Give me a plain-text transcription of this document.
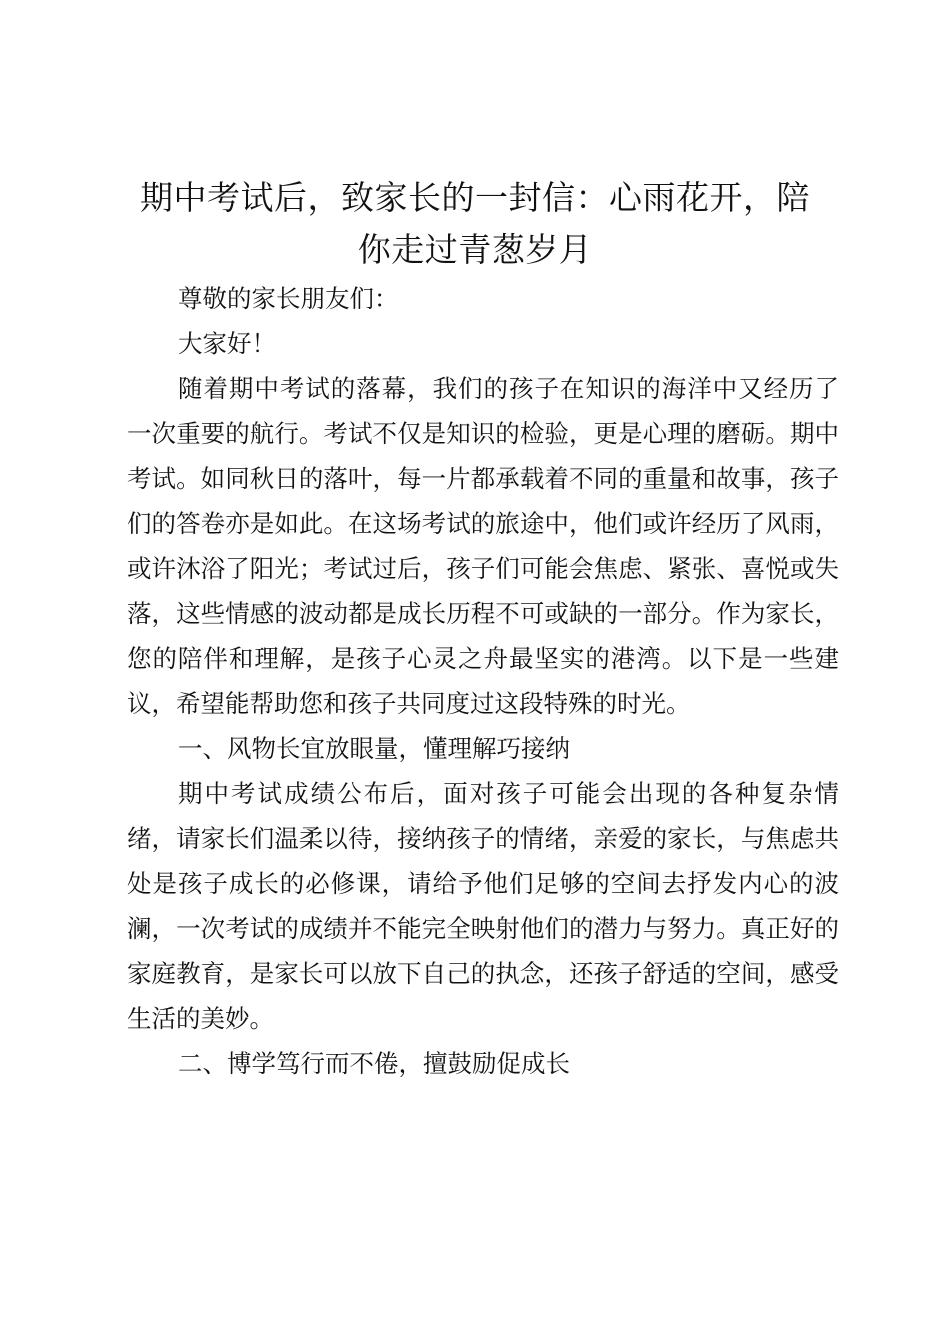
期中考试后，致家长的一封信：心雨花开，陪
你走过青葱岁月

尊敬的家长朋友们：

大家好！

随着期中考试的落幕，我们的孩子在知识的海洋中又经历了一次重要的航行。考试不仅是知识的检验，更是心理的磨砺。期中考试。如同秋日的落叶，每一片都承载着不同的重量和故事，孩子们的答卷亦是如此。在这场考试的旅途中，他们或许经历了风雨，或许沐浴了阳光；考试过后，孩子们可能会焦虑、紧张、喜悦或失落，这些情感的波动都是成长历程不可或缺的一部分。作为家长，您的陪伴和理解，是孩子心灵之舟最坚实的港湾。以下是一些建议，希望能帮助您和孩子共同度过这段特殊的时光。

一、风物长宜放眼量，懂理解巧接纳

期中考试成绩公布后，面对孩子可能会出现的各种复杂情绪，请家长们温柔以待，接纳孩子的情绪，亲爱的家长，与焦虑共处是孩子成长的必修课，请给予他们足够的空间去抒发内心的波澜，一次考试的成绩并不能完全映射他们的潜力与努力。真正好的家庭教育，是家长可以放下自己的执念，还孩子舒适的空间，感受生活的美妙。

二、博学笃行而不倦，擅鼓励促成长
